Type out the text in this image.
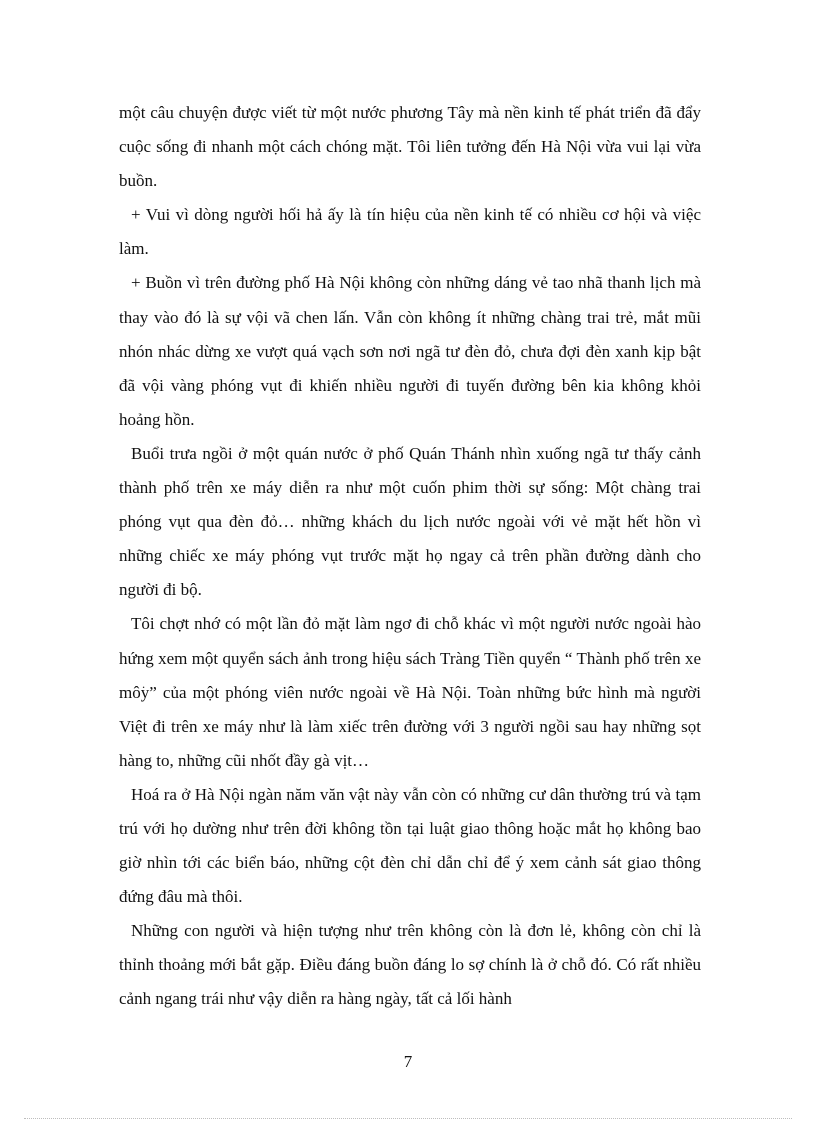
một câu chuyện được viết từ một nước phương Tây mà nền kinh tế phát triển đã đẩy cuộc sống đi nhanh một cách chóng mặt. Tôi liên tưởng đến Hà Nội vừa vui lại vừa buồn.

+ Vui vì dòng người hối hả ấy là tín hiệu của nền kinh tế có nhiều cơ hội và việc làm.

+ Buồn vì trên đường phố Hà Nội không còn những dáng vẻ tao nhã thanh lịch mà thay vào đó là sự vội vã chen lấn. Vẫn còn không ít những chàng trai trẻ, mắt mũi nhón nhác dừng xe vượt quá vạch sơn nơi ngã tư đèn đỏ, chưa đợi đèn xanh kịp bật đã vội vàng phóng vụt đi khiến nhiều người đi tuyến đường bên kia không khỏi hoảng hồn.

Buổi trưa ngồi ở một quán nước ở phố Quán Thánh nhìn xuống ngã tư thấy cảnh thành phố trên xe máy diễn ra như một cuốn phim thời sự sống: Một chàng trai phóng vụt qua đèn đỏ… những khách du lịch nước ngoài với vẻ mặt hết hồn vì những chiếc xe máy phóng vụt trước mặt họ ngay cả trên phần đường dành cho người đi bộ.

Tôi chợt nhớ có một lần đỏ mặt làm ngơ đi chỗ khác vì một người nước ngoài hào hứng xem một quyển sách ảnh trong hiệu sách Tràng Tiền quyển “ Thành phố trên xe mô͘y” của một phóng viên nước ngoài về Hà Nội. Toàn những bức hình mà người Việt đi trên xe máy như là làm xiếc trên đường với 3 người ngồi sau hay những sọt hàng to, những cũi nhốt đầy gà vịt…

Hoá ra ở Hà Nội ngàn năm văn vật này vẫn còn có những cư dân thường trú và tạm trú với họ dường như trên đời không tồn tại luật giao thông hoặc mắt họ không bao giờ nhìn tới các biển báo, những cột đèn chỉ dẫn chỉ để ý xem cảnh sát giao thông đứng đâu mà thôi.

Những con người và hiện tượng như trên không còn là đơn lẻ, không còn chỉ là thỉnh thoảng mới bắt gặp. Điều đáng buồn đáng lo sợ chính là ở chỗ đó. Có rất nhiều cảnh ngang trái như vậy diễn ra hàng ngày, tất cả lối hành

7
